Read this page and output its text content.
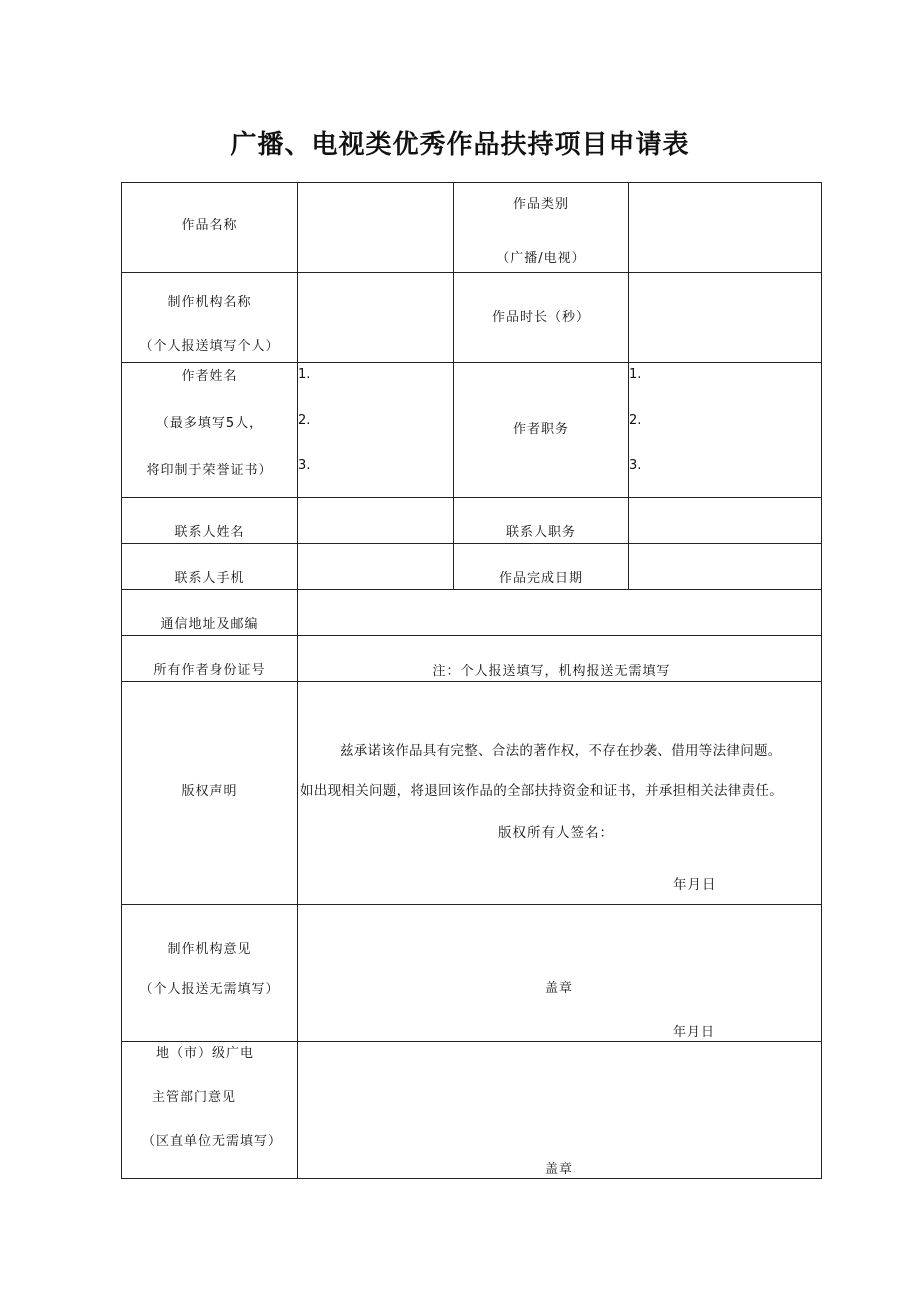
广播、电视类优秀作品扶持项目申请表
作品名称		作品类别
（广播/电视）	

制作机构名称
（个人报送填写个人）		作品时长（秒）	

作者姓名
（最多填写5人，
将印制于荣誉证书）	1.
2.
3.	作者职务	1.
2.
3.

联系人姓名		联系人职务	
联系人手机		作品完成日期	
通信地址及邮编			
所有作者身份证号	注：个人报送填写，机构报送无需填写		

版权声明	兹承诺该作品具有完整、合法的著作权，不存在抄袭、借用等法律问题。
如出现相关问题，将退回该作品的全部扶持资金和证书，并承担相关法律责任。
版权所有人签名：
年月日		

制作机构意见
（个人报送无需填写）	盖章
年月日		

地（市）级广电
主管部门意见
（区直单位无需填写）	盖章		
